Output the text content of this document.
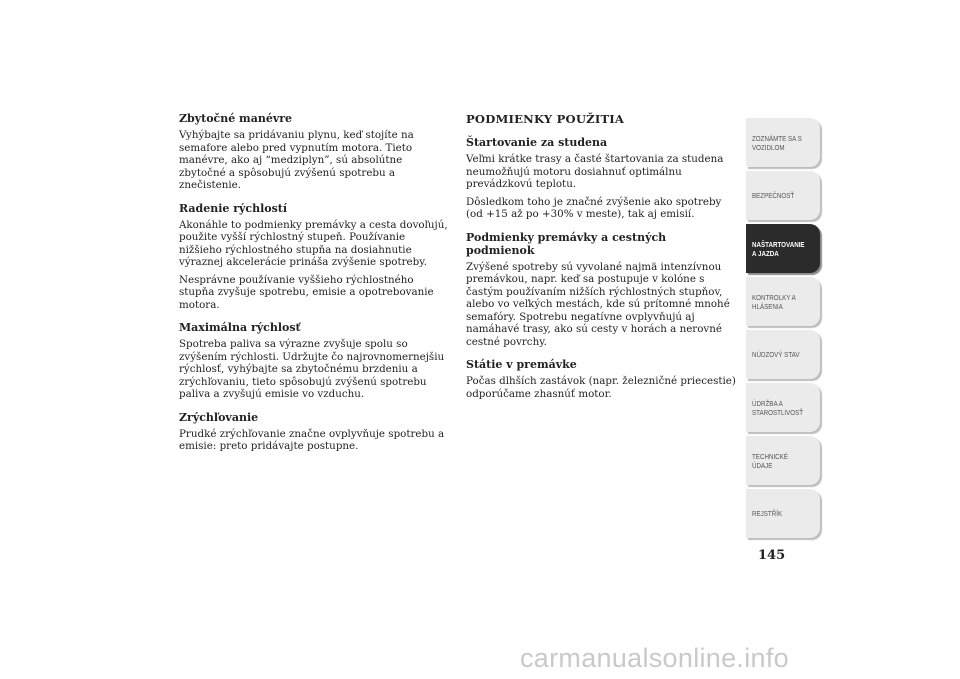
Zbytočné manévre
Vyhýbajte sa pridávaniu plynu, keď stojíte na semafore alebo pred vypnutím motora. Tieto manévre, ako aj “medziplyn”, sú absolútne zbytočné a spôsobujú zvýšenú spotrebu a znečistenie.
Radenie rýchlostí
Akonáhle to podmienky premávky a cesta dovoľujú, použite vyšší rýchlostný stupeň. Používanie nižšieho rýchlostného stupňa na dosiahnutie výraznej akcelerácie prináša zvýšenie spotreby.
Nesprávne používanie vyššieho rýchlostného stupňa zvyšuje spotrebu, emisie a opotrebovanie motora.
Maximálna rýchlosť
Spotreba paliva sa výrazne zvyšuje spolu so zvýšením rýchlosti. Udržujte čo najrovnomernejšiu rýchlosť, vyhýbajte sa zbytočnému brzdeniu a zrýchľovaniu, tieto spôsobujú zvýšenú spotrebu paliva a zvyšujú emisie vo vzduchu.
Zrýchľovanie
Prudké zrýchľovanie značne ovplyvňuje spotrebu a emisie: preto pridávajte postupne.
PODMIENKY POUŽITIA
Štartovanie za studena
Veľmi krátke trasy a časté štartovania za studena neumožňujú motoru dosiahnuť optimálnu prevádzkovú teplotu.
Dôsledkom toho je značné zvýšenie ako spotreby (od +15 až po +30% v meste), tak aj emisií.
Podmienky premávky a cestných podmienok
Zvýšené spotreby sú vyvolané najmä intenzívnou premávkou, napr. keď sa postupuje v kolóne s častým používaním nižších rýchlostných stupňov, alebo vo veľkých mestách, kde sú prítomné mnohé semafóry. Spotrebu negatívne ovplyvňujú aj namáhavé trasy, ako sú cesty v horách a nerovné cestné povrchy.
Státie v premávke
Počas dlhších zastávok (napr. železničné priecestie) odporúčame zhasnúť motor.
ZOZNÁMTE SA S
VOZIDLOM
BEZPEČNOSŤ
NAŠTARTOVANIE
A JAZDA
KONTROLKY A
HLÁSENIA
NÚDZOVÝ STAV
ÚDRŽBA A
STAROSTLIVOSŤ
TECHNICKÉ
ÚDAJE
REJSTŘÍK
145
carmanualsonline.info
